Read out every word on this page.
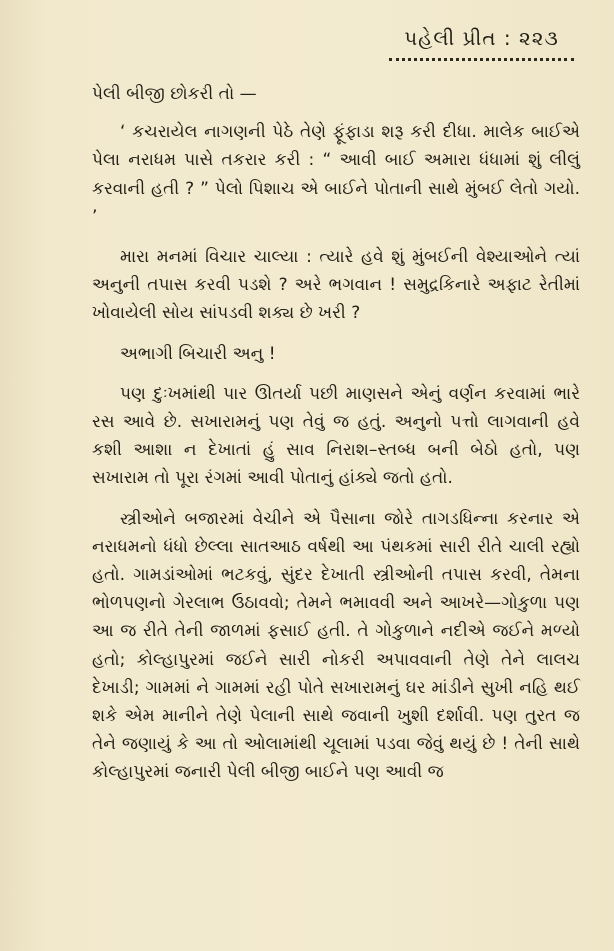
પહેલી પ્રીત : ૨૨૩

પેલી બીજી છોકરી તો —

‘ કચરાયેલ નાગણની પેઠે તેણે ફૂંફાડા શરૂ કરી દીધા. માલેક બાઈએ પેલા નરાધમ પાસે તકરાર કરી : “ આવી બાઈ અમારા ધંધામાં શું લીલું કરવાની હતી ? ” પેલો પિશાચ એ બાઈને પોતાની સાથે મુંબઈ લેતો ગયો. ’

મારા મનમાં વિચાર ચાલ્યા : ત્યારે હવે શું મુંબઈની વેશ્યાઓને ત્યાં અનુની તપાસ કરવી પડશે ? અરે ભગવાન ! સમુદ્રકિનારે અફાટ રેતીમાં ખોવાયેલી સોય સાંપડવી શક્ય છે ખરી ?

અભાગી બિચારી અનુ !

પણ દુઃખમાંથી પાર ઊતર્યા પછી માણસને એનું વર્ણન કરવામાં ભારે રસ આવે છે. સખારામનું પણ તેવું જ હતું. અનુનો પત્તો લાગવાની હવે કશી આશા ન દેખાતાં હું સાવ નિરાશ–સ્તબ્ધ બની બેઠો હતો, પણ સખારામ તો પૂરા રંગમાં આવી પોતાનું હાંક્યે જતો હતો.

સ્ત્રીઓને બજારમાં વેચીને એ પૈસાના જોરે તાગડધિન્ના કરનાર એ નરાધમનો ધંધો છેલ્લા સાતઆઠ વર્ષથી આ પંથકમાં સારી રીતે ચાલી રહ્યો હતો. ગામડાંઓમાં ભટકવું, સુંદર દેખાતી સ્ત્રીઓની તપાસ કરવી, તેમના ભોળપણનો ગેરલાભ ઉઠાવવો; તેમને ભમાવવી અને આખરે—ગોકુળા પણ આ જ રીતે તેની જાળમાં ફસાઈ હતી. તે ગોકુળાને નદીએ જઈને મળ્યો હતો; કોલ્હાપુરમાં જઈને સારી નોકરી અપાવવાની તેણે તેને લાલચ દેખાડી; ગામમાં ને ગામમાં રહી પોતે સખારામનું ઘર માંડીને સુખી નહિ થઈ શકે એમ માનીને તેણે પેલાની સાથે જવાની ખુશી દર્શાવી. પણ તુરત જ તેને જણાયું કે આ તો ઓલામાંથી ચૂલામાં પડવા જેવું થયું છે ! તેની સાથે કોલ્હાપુરમાં જનારી પેલી બીજી બાઈને પણ આવી જ
